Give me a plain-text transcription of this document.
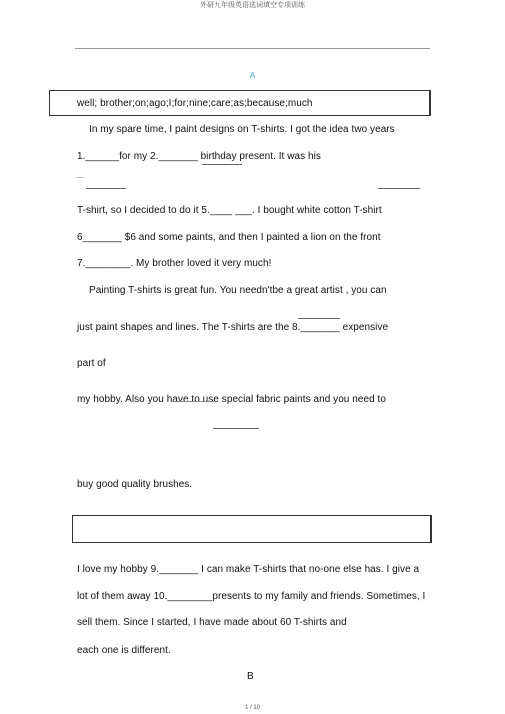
外研九年级英语选词填空专项训练
A
well; brother;on;ago;I;for;nine;care;as;because;much
In my spare time, I paint designs on T-shirts. I got the idea two years
1.______for my 2._______ birthday present. It was his
T-shirt, so I decided to do it 5.____ ___. I bought white cotton T-shirt
6_______ $6 and some paints, and then I painted a lion on the front
7.________. My brother loved it very much!
Painting T-shirts is great fun. You needn'tbe a great artist , you can
just paint shapes and lines. The T-shirts are the 8._______ expensive
part of
my hobby. Also you have to use special fabric paints and you need to
buy good quality brushes.
I love my hobby 9._______ I can make T-shirts that no-one else has. I give a
lot of them away 10.________presents to my family and friends. Sometimes, I
sell them. Since I started, I have made about 60 T-shirts and
each one is different.
B
1 / 10
